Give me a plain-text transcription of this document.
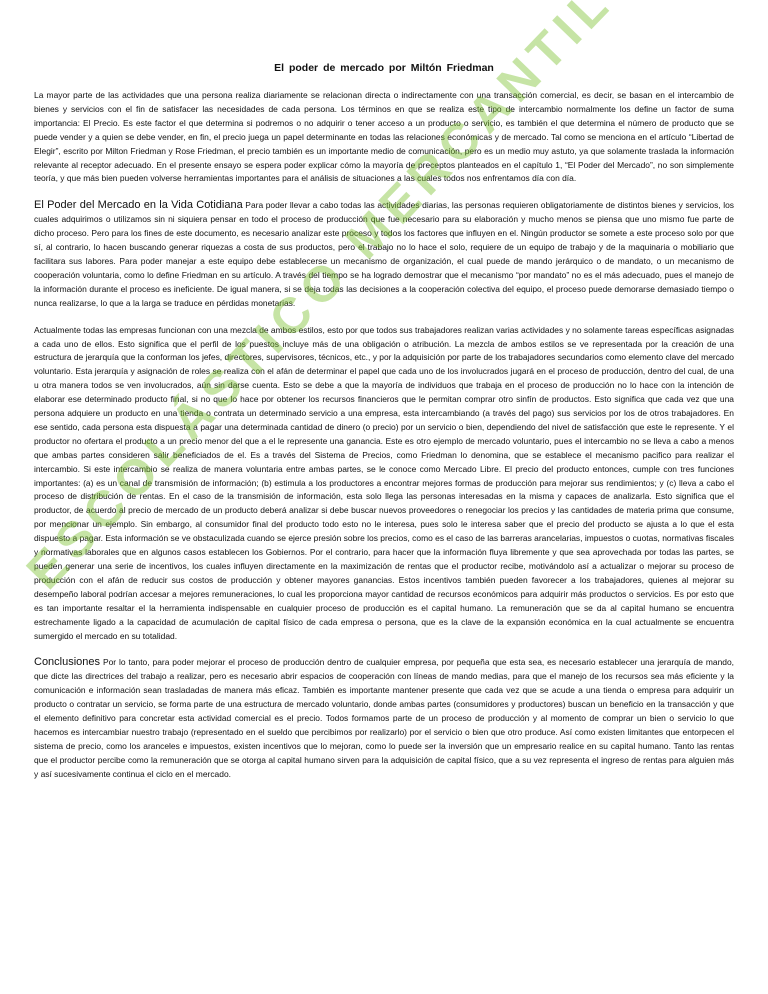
El poder de mercado por Miltón Friedman

La mayor parte de las actividades que una persona realiza diariamente se relacionan directa o indirectamente con una transacción comercial, es decir, se basan en el intercambio de bienes y servicios con el fin de satisfacer las necesidades de cada persona. Los términos en que se realiza este tipo de intercambio normalmente los define un factor de suma importancia: El Precio. Es este factor el que determina si podremos o no adquirir o tener acceso a un producto o servicio, es también el que determina el número de producto que se puede vender y a quien se debe vender, en fin, el precio juega un papel determinante en todas las relaciones económicas y de mercado. Tal como se menciona en el artículo “Libertad de Elegir”, escrito por Milton Friedman y Rose Friedman, el precio también es un importante medio de comunicación, pero es un medio muy astuto, ya que solamente traslada la información relevante al receptor adecuado. En el presente ensayo se espera poder explicar cómo la mayoría de preceptos planteados en el capítulo 1, “El Poder del Mercado”, no son simplemente teoría, y que más bien pueden volverse herramientas importantes para el análisis de situaciones a las cuales todos nos enfrentamos día con día.

El Poder del Mercado en la Vida Cotidiana Para poder llevar a cabo todas las actividades diarias, las personas requieren obligatoriamente de distintos bienes y servicios, los cuales adquirimos o utilizamos sin ni siquiera pensar en todo el proceso de producción que fue necesario para su elaboración y mucho menos se piensa que uno mismo fue parte de dicho proceso. Pero para los fines de este documento, es necesario analizar este proceso y todos los factores que influyen en el. Ningún productor se somete a este proceso solo por que sí, al contrario, lo hacen buscando generar riquezas a costa de sus productos, pero el trabajo no lo hace el solo, requiere de un equipo de trabajo y de la maquinaria o mobiliario que facilitara sus labores. Para poder manejar a este equipo debe establecerse un mecanismo de organización, el cual puede de mando jerárquico o de mandato, o un mecanismo de cooperación voluntaria, como lo define Friedman en su artículo. A través del tiempo se ha logrado demostrar que el mecanismo “por mandato” no es el más adecuado, pues el manejo de la información durante el proceso es ineficiente. De igual manera, si se deja todas las decisiones a la cooperación colectiva del equipo, el proceso puede demorarse demasiado tiempo o nunca realizarse, lo que a la larga se traduce en pérdidas monetarias.

Actualmente todas las empresas funcionan con una mezcla de ambos estilos, esto por que todos sus trabajadores realizan varias actividades y no solamente tareas específicas asignadas a cada uno de ellos. Esto significa que el perfil de los puestos incluye más de una obligación o atribución. La mezcla de ambos estilos se ve representada por la creación de una estructura de jerarquía que la conforman los jefes, directores, supervisores, técnicos, etc., y por la adquisición por parte de los trabajadores secundarios como elemento clave del mercado voluntario. Esta jerarquía y asignación de roles se realiza con el afán de determinar el papel que cada uno de los involucrados jugará en el proceso de producción, dentro del cual, de una u otra manera todos se ven involucrados, aún sin darse cuenta. Esto se debe a que la mayoría de individuos que trabaja en el proceso de producción no lo hace con la intención de elaborar ese determinado producto final, si no que lo hace por obtener los recursos financieros que le permitan comprar otro sinfín de productos. Esto significa que cada vez que una persona adquiere un producto en una tienda o contrata un determinado servicio a una empresa, esta intercambiando (a través del pago) sus servicios por los de otros trabajadores. En ese sentido, cada persona esta dispuesta a pagar una determinada cantidad de dinero (o precio) por un servicio o bien, dependiendo del nivel de satisfacción que este le represente. Y el productor no ofertara el producto a un precio menor del que a el le represente una ganancia. Este es otro ejemplo de mercado voluntario, pues el intercambio no se lleva a cabo a menos que ambas partes consideren salir beneficiados de el. Es a través del Sistema de Precios, como Friedman lo denomina, que se establece el mecanismo pacifico para realizar el intercambio. Si este intercambio se realiza de manera voluntaria entre ambas partes, se le conoce como Mercado Libre. El precio del producto entonces, cumple con tres funciones importantes: (a) es un canal de transmisión de información; (b) estimula a los productores a encontrar mejores formas de producción para mejorar sus rendimientos; y (c) lleva a cabo el proceso de distribución de rentas. En el caso de la transmisión de información, esta solo llega las personas interesadas en la misma y capaces de analizarla. Esto significa que el productor, de acuerdo al precio de mercado de un producto deberá analizar si debe buscar nuevos proveedores o renegociar los precios y las cantidades de materia prima que consume, por mencionar un ejemplo. Sin embargo, al consumidor final del producto todo esto no le interesa, pues solo le interesa saber que el precio del producto se ajusta a lo que el esta dispuesto a pagar. Esta información se ve obstaculizada cuando se ejerce presión sobre los precios, como es el caso de las barreras arancelarias, impuestos o cuotas, normativas fiscales y normativas laborales que en algunos casos establecen los Gobiernos. Por el contrario, para hacer que la información fluya libremente y que sea aprovechada por todas las partes, se pueden generar una serie de incentivos, los cuales influyen directamente en la maximización de rentas que el productor recibe, motivándolo así a actualizar o mejorar su proceso de producción con el afán de reducir sus costos de producción y obtener mayores ganancias. Estos incentivos también pueden favorecer a los trabajadores, quienes al mejorar su desempeño laboral podrían accesar a mejores remuneraciones, lo cual les proporciona mayor cantidad de recursos económicos para adquirir más productos o servicios. Es por esto que es tan importante resaltar el la herramienta indispensable en cualquier proceso de producción es el capital humano. La remuneración que se da al capital humano se encuentra estrechamente ligado a la capacidad de acumulación de capital físico de cada empresa o persona, que es la clave de la expansión económica en la cual actualmente se encuentra sumergido el mercado en su totalidad.

Conclusiones Por lo tanto, para poder mejorar el proceso de producción dentro de cualquier empresa, por pequeña que esta sea, es necesario establecer una jerarquía de mando, que dicte las directrices del trabajo a realizar, pero es necesario abrir espacios de cooperación con líneas de mando medias, para que el manejo de los recursos sea más eficiente y la comunicación e información sean trasladadas de manera más eficaz. También es importante mantener presente que cada vez que se acude a una tienda o empresa para adquirir un producto o contratar un servicio, se forma parte de una estructura de mercado voluntario, donde ambas partes (consumidores y productores) buscan un beneficio en la transacción y que el elemento definitivo para concretar esta actividad comercial es el precio. Todos formamos parte de un proceso de producción y al momento de comprar un bien o servicio lo que hacemos es intercambiar nuestro trabajo (representado en el sueldo que percibimos por realizarlo) por el servicio o bien que otro produce. Así como existen limitantes que entorpecen el sistema de precio, como los aranceles e impuestos, existen incentivos que lo mejoran, como lo puede ser la inversión que un empresario realice en su capital humano. Tanto las rentas que el productor percibe como la remuneración que se otorga al capital humano sirven para la adquisición de capital físico, que a su vez representa el ingreso de rentas para alguien más y así sucesivamente continua el ciclo en el mercado.
